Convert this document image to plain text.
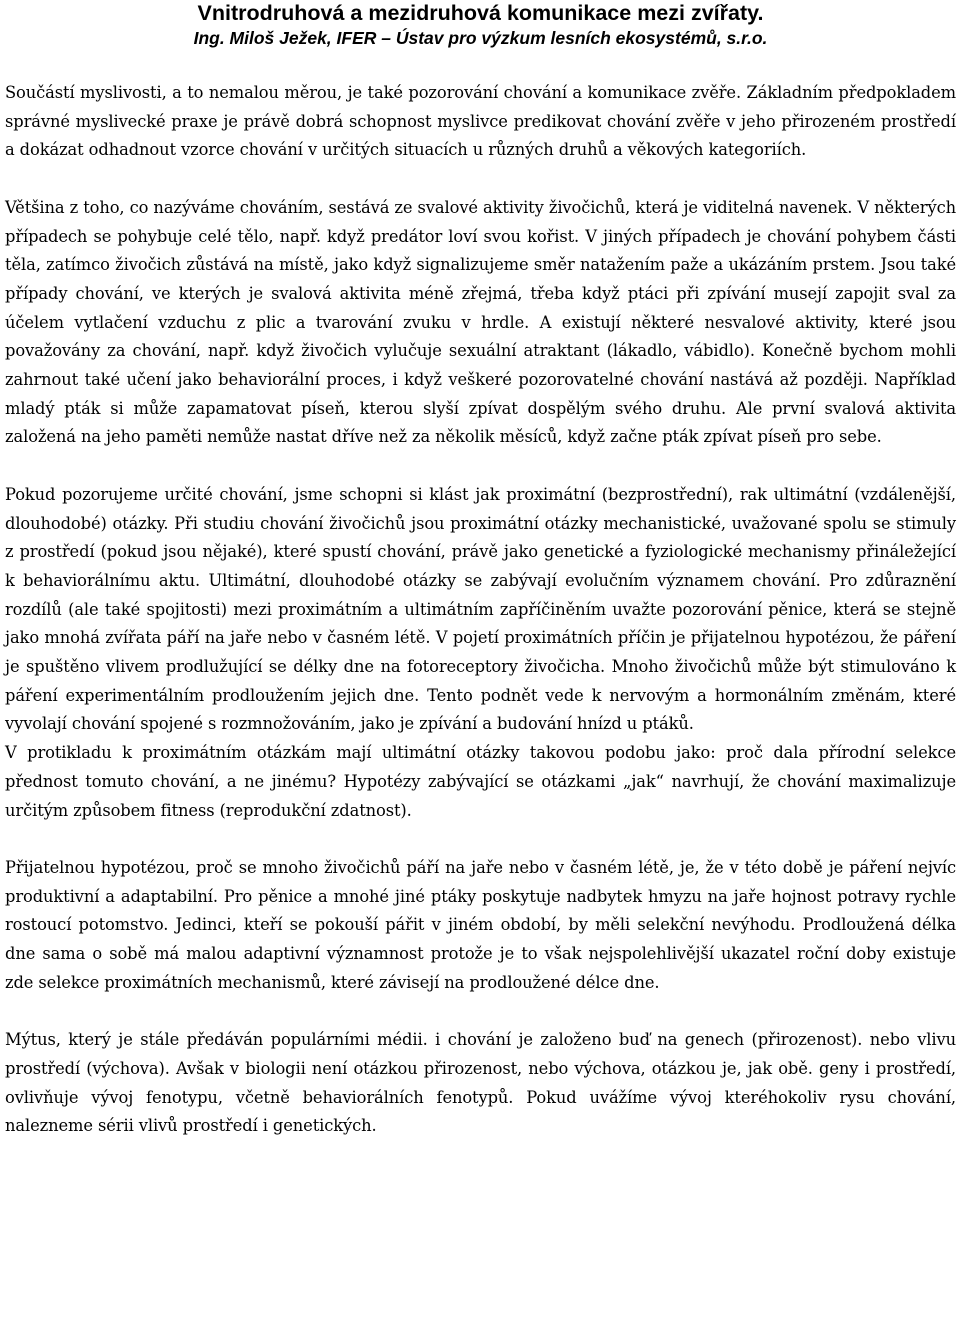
Vnitrodruhová a mezidruhová komunikace mezi zvířaty.
Ing. Miloš Ježek, IFER – Ústav pro výzkum lesních ekosystémů, s.r.o.

Součástí myslivosti, a to nemalou měrou, je také pozorování chování a komunikace zvěře. Základním předpokladem správné myslivecké praxe je právě dobrá schopnost myslivce predikovat chování zvěře v jeho přirozeném prostředí a dokázat odhadnout vzorce chování v určitých situacích u různých druhů a věkových kategoriích.

Většina z toho, co nazýváme chováním, sestává ze svalové aktivity živočichů, která je viditelná navenek. V některých případech se pohybuje celé tělo, např. když predátor loví svou kořist. V jiných případech je chování pohybem části těla, zatímco živočich zůstává na místě, jako když signalizujeme směr natažením paže a ukázáním prstem. Jsou také případy chování, ve kterých je svalová aktivita méně zřejmá, třeba když ptáci při zpívání musejí zapojit sval za účelem vytlačení vzduchu z plic a tvarování zvuku v hrdle. A existují některé nesvalové aktivity, které jsou považovány za chování, např. když živočich vylučuje sexuální atraktant (lákadlo, vábidlo). Konečně bychom mohli zahrnout také učení jako behaviorální proces, i když veškeré pozorovatelné chování nastává až později. Například mladý pták si může zapamatovat píseň, kterou slyší zpívat dospělým svého druhu. Ale první svalová aktivita založená na jeho paměti nemůže nastat dříve než za několik měsíců, když začne pták zpívat píseň pro sebe.

Pokud pozorujeme určité chování, jsme schopni si klást jak proximátní (bezprostřední), rak ultimátní (vzdálenější, dlouhodobé) otázky. Při studiu chování živočichů jsou proximátní otázky mechanistické, uvažované spolu se stimuly z prostředí (pokud jsou nějaké), které spustí chování, právě jako genetické a fyziologické mechanismy přináležející k behaviorálnímu aktu. Ultimátní, dlouhodobé otázky se zabývají evolučním významem chování. Pro zdůraznění rozdílů (ale také spojitosti) mezi proximátním a ultimátním zapříčiněním uvažte pozorování pěnice, která se stejně jako mnohá zvířata páří na jaře nebo v časném létě. V pojetí proximátních příčin je přijatelnou hypotézou, že páření je spuštěno vlivem prodlužující se délky dne na fotoreceptory živočicha. Mnoho živočichů může být stimulováno k páření experimentálním prodloužením jejich dne. Tento podnět vede k nervovým a hormonálním změnám, které vyvolají chování spojené s rozmnožováním, jako je zpívání a budování hnízd u ptáků.

V protikladu k proximátním otázkám mají ultimátní otázky takovou podobu jako: proč dala přírodní selekce přednost tomuto chování, a ne jinému? Hypotézy zabývající se otázkami „jak“ navrhují, že chování maximalizuje určitým způsobem fitness (reprodukční zdatnost).

Přijatelnou hypotézou, proč se mnoho živočichů páří na jaře nebo v časném létě, je, že v této době je páření nejvíc produktivní a adaptabilní. Pro pěnice a mnohé jiné ptáky poskytuje nadbytek hmyzu na jaře hojnost potravy rychle rostoucí potomstvo. Jedinci, kteří se pokouší pářit v jiném období, by měli selekční nevýhodu. Prodloužená délka dne sama o sobě má malou adaptivní významnost protože je to však nejspolehlivější ukazatel roční doby existuje zde selekce proximátních mechanismů, které závisejí na prodloužené délce dne.

Mýtus, který je stále předáván populárními médii. i chování je založeno buď na genech (přirozenost). nebo vlivu prostředí (výchova). Avšak v biologii není otázkou přirozenost, nebo výchova, otázkou je, jak obě. geny i prostředí, ovlivňuje vývoj fenotypu, včetně behaviorálních fenotypů. Pokud uvážíme vývoj kteréhokoliv rysu chování, nalezneme sérii vlivů prostředí i genetických.
